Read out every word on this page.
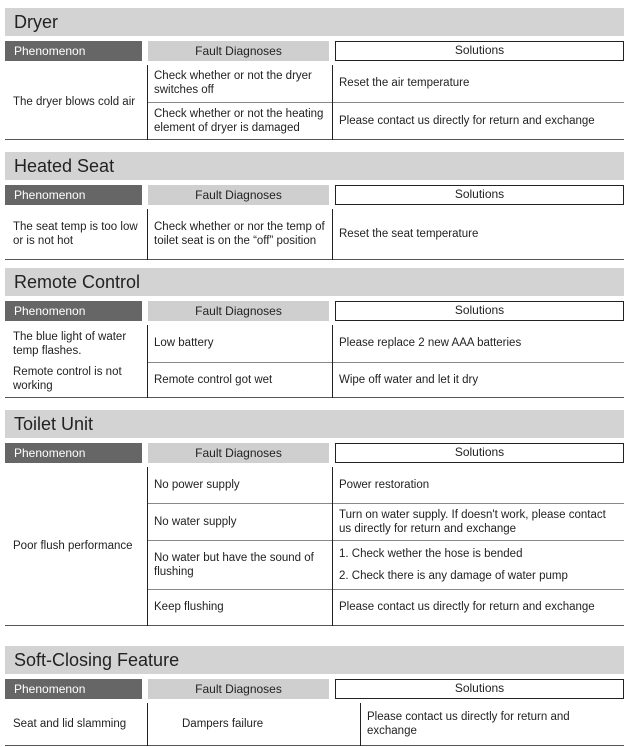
Dryer
Phenomenon	Fault Diagnoses	Solutions
The dryer blows cold air	Check whether or not the dryer switches off	Reset the air temperature
	Check whether or not the heating element of dryer is damaged	Please contact us directly for return and exchange
Heated Seat
Phenomenon	Fault Diagnoses	Solutions
The seat temp is too low or is not hot	Check whether or nor the temp of toilet seat is on the “off” position	Reset the seat temperature
Remote Control
Phenomenon	Fault Diagnoses	Solutions
The blue light of water temp flashes.	Low battery	Please replace 2 new AAA batteries
Remote control is not working	Remote control got wet	Wipe off water and let it dry
Toilet Unit
Phenomenon	Fault Diagnoses	Solutions
Poor flush performance	No power supply	Power restoration
	No water supply	Turn on water supply. If doesn't work, please contact us directly for return and exchange
	No water but have the sound of flushing	1. Check wether the hose is bended
2. Check there is any damage of water pump

	Keep flushing	Please contact us directly for return and exchange
Soft-Closing Feature
Phenomenon	Fault Diagnoses	Solutions
Seat and lid slamming	Dampers failure	Please contact us directly for return and exchange
